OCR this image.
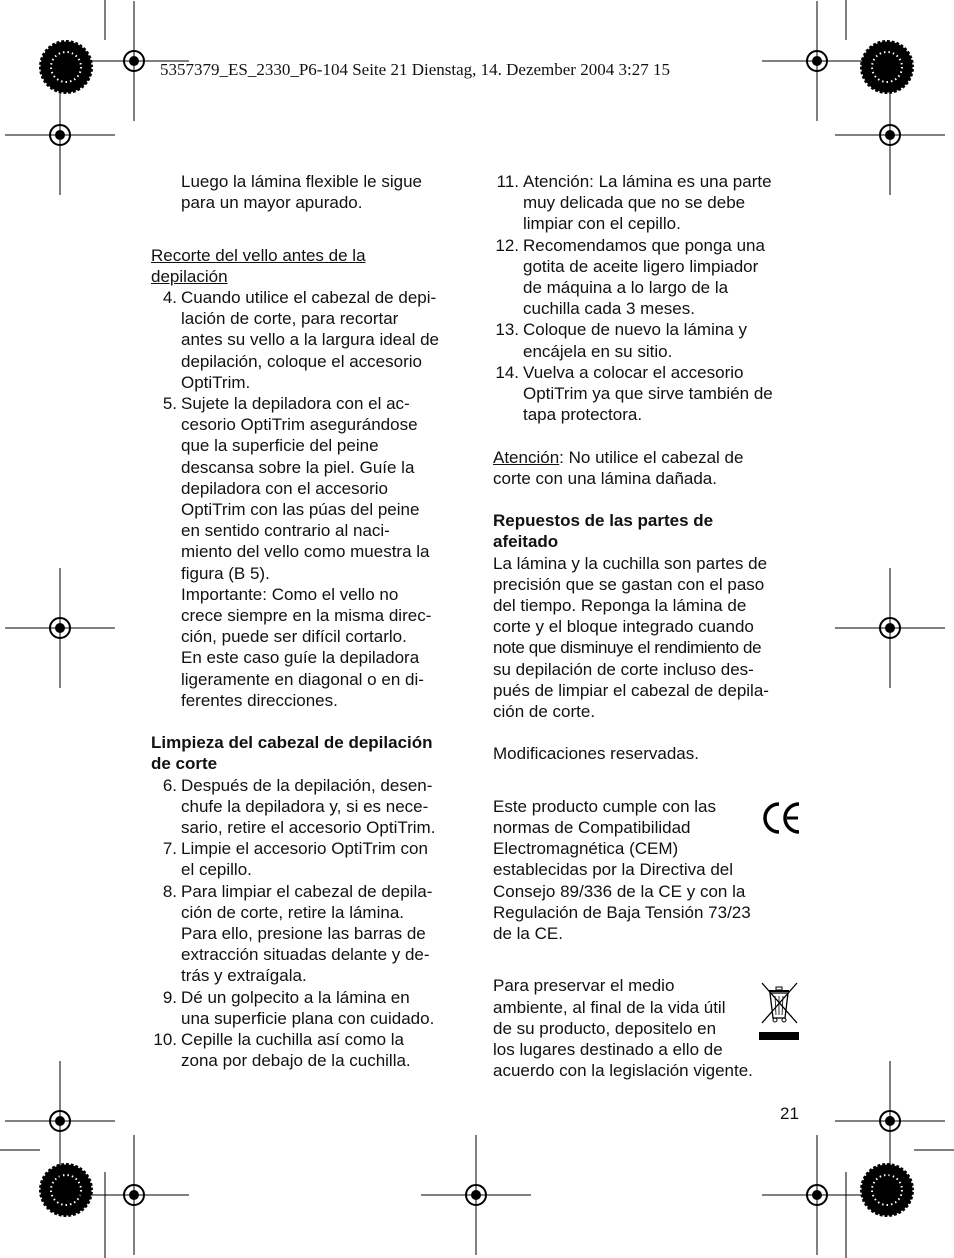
5357379_ES_2330_P6-104 Seite 21 Dienstag, 14. Dezember 2004 3:27 15
Luego la lámina flexible le sigue
para un mayor apurado.
Recorte del vello antes de la
depilación
4. Cuando utilice el cabezal de depi-
lación de corte, para recortar
antes su vello a la largura ideal de
depilación, coloque el accesorio
OptiTrim.
5. Sujete la depiladora con el ac-
cesorio OptiTrim asegurándose
que la superficie del peine
descansa sobre la piel. Guíe la
depiladora con el accesorio
OptiTrim con las púas del peine
en sentido contrario al naci-
miento del vello como muestra la
figura (B 5).
Importante: Como el vello no
crece siempre en la misma direc-
ción, puede ser difícil cortarlo.
En este caso guíe la depiladora
ligeramente en diagonal o en di-
ferentes direcciones.
Limpieza del cabezal de depilación
de corte
6. Después de la depilación, desen-
chufe la depiladora y, si es nece-
sario, retire el accesorio OptiTrim.
7. Limpie el accesorio OptiTrim con
el cepillo.
8. Para limpiar el cabezal de depila-
ción de corte, retire la lámina.
Para ello, presione las barras de
extracción situadas delante y de-
trás y extraígala.
9. Dé un golpecito a la lámina en
una superficie plana con cuidado.
10. Cepille la cuchilla así como la
zona por debajo de la cuchilla.
11. Atención: La lámina es una parte
muy delicada que no se debe
limpiar con el cepillo.
12. Recomendamos que ponga una
gotita de aceite ligero limpiador
de máquina a lo largo de la
cuchilla cada 3 meses.
13. Coloque de nuevo la lámina y
encájela en su sitio.
14. Vuelva a colocar el accesorio
OptiTrim ya que sirve también de
tapa protectora.
Atención: No utilice el cabezal de
corte con una lámina dañada.
Repuestos de las partes de
afeitado
La lámina y la cuchilla son partes de
precisión que se gastan con el paso
del tiempo. Reponga la lámina de
corte y el bloque integrado cuando
note que disminuye el rendimiento de
su depilación de corte incluso des-
pués de limpiar el cabezal de depila-
ción de corte.
Modificaciones reservadas.
Este producto cumple con las
normas de Compatibilidad
Electromagnética (CEM)
establecidas por la Directiva del
Consejo 89/336 de la CE y con la
Regulación de Baja Tensión 73/23
de la CE.
Para preservar el medio
ambiente, al final de la vida útil
de su producto, depositelo en
los lugares destinado a ello de
acuerdo con la legislación vigente.
21
